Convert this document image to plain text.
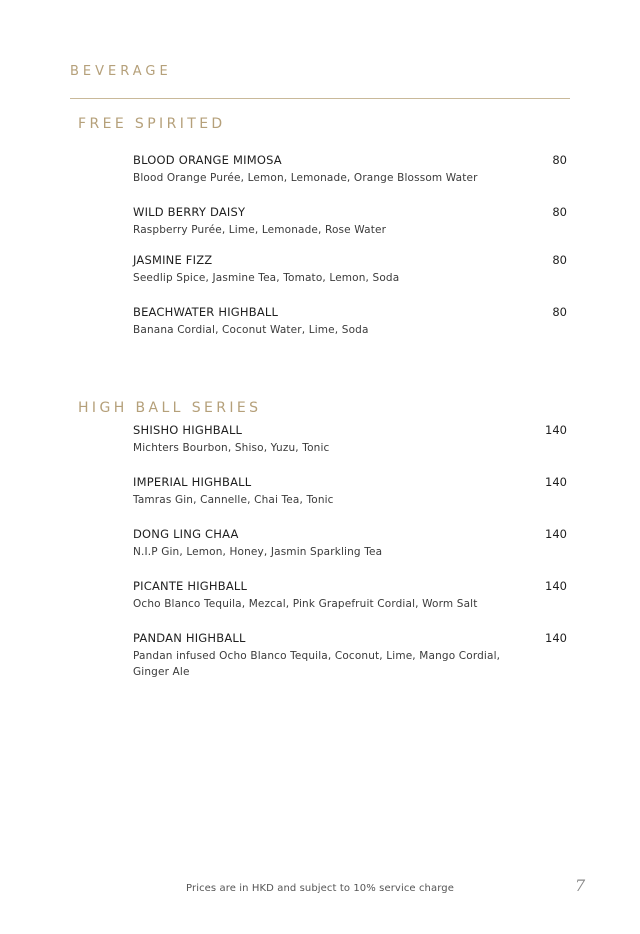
BEVERAGE
FREE SPIRITED
BLOOD ORANGE MIMOSA	80
Blood Orange Purée, Lemon, Lemonade, Orange Blossom Water
WILD BERRY DAISY	80
Raspberry Purée, Lime, Lemonade, Rose Water
JASMINE FIZZ	80
Seedlip Spice, Jasmine Tea, Tomato, Lemon, Soda
BEACHWATER HIGHBALL	80
Banana Cordial, Coconut Water, Lime, Soda
HIGH BALL SERIES
SHISHO HIGHBALL	140
Michters Bourbon, Shiso, Yuzu, Tonic
IMPERIAL HIGHBALL	140
Tamras Gin, Cannelle, Chai Tea, Tonic
DONG LING CHAA	140
N.I.P Gin, Lemon, Honey, Jasmin Sparkling Tea
PICANTE HIGHBALL	140
Ocho Blanco Tequila, Mezcal, Pink Grapefruit Cordial, Worm Salt
PANDAN HIGHBALL	140
Pandan infused Ocho Blanco Tequila, Coconut, Lime, Mango Cordial, Ginger Ale
Prices are in HKD and subject to 10% service charge	7
